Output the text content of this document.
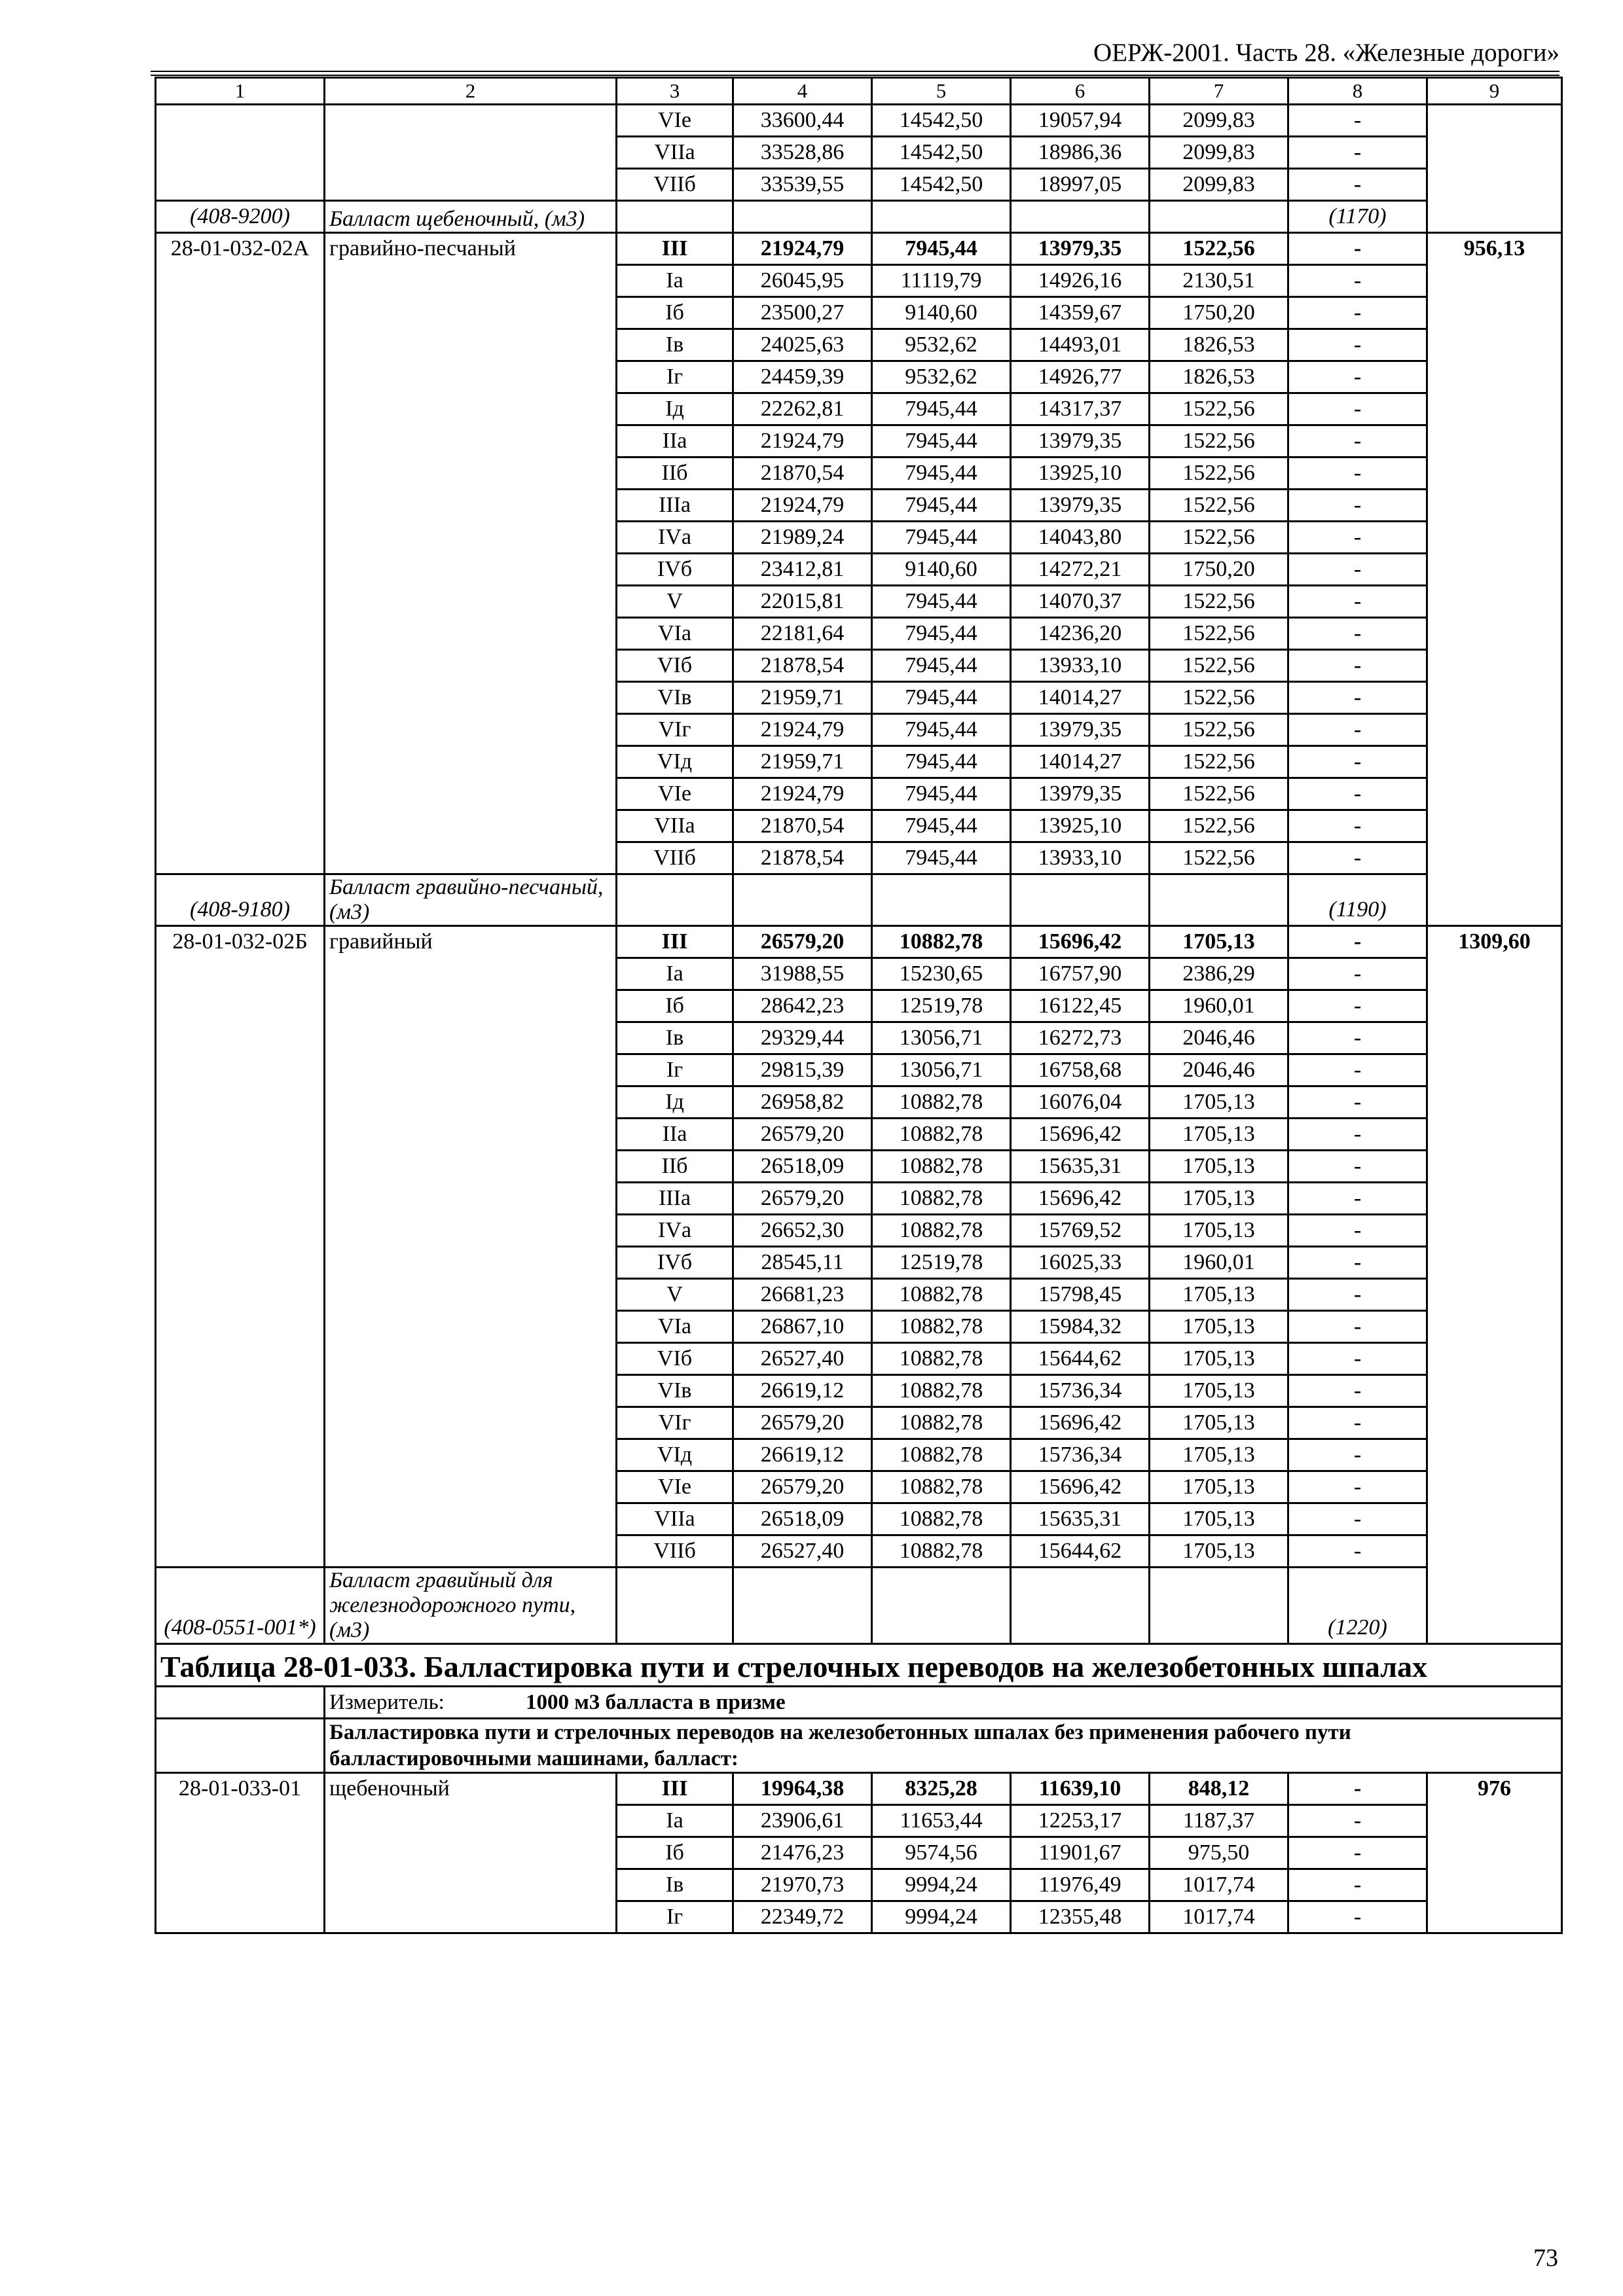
ОЕРЖ-2001. Часть 28. «Железные дороги»
1	2	3	4	5	6	7	8	9
		VIе	33600,44	14542,50	19057,94	2099,83	-	
		VIIа	33528,86	14542,50	18986,36	2099,83	-	
		VIIб	33539,55	14542,50	18997,05	2099,83	-	
(408-9200)	Балласт щебеночный, (м3)						(1170)	
28-01-032-02А	гравийно-песчаный	III	21924,79	7945,44	13979,35	1522,56	-	956,13
		Iа	26045,95	11119,79	14926,16	2130,51	-	
		Iб	23500,27	9140,60	14359,67	1750,20	-	
		Iв	24025,63	9532,62	14493,01	1826,53	-	
		Iг	24459,39	9532,62	14926,77	1826,53	-	
		Iд	22262,81	7945,44	14317,37	1522,56	-	
		IIа	21924,79	7945,44	13979,35	1522,56	-	
		IIб	21870,54	7945,44	13925,10	1522,56	-	
		IIIа	21924,79	7945,44	13979,35	1522,56	-	
		IVа	21989,24	7945,44	14043,80	1522,56	-	
		IVб	23412,81	9140,60	14272,21	1750,20	-	
		V	22015,81	7945,44	14070,37	1522,56	-	
		VIа	22181,64	7945,44	14236,20	1522,56	-	
		VIб	21878,54	7945,44	13933,10	1522,56	-	
		VIв	21959,71	7945,44	14014,27	1522,56	-	
		VIг	21924,79	7945,44	13979,35	1522,56	-	
		VIд	21959,71	7945,44	14014,27	1522,56	-	
		VIе	21924,79	7945,44	13979,35	1522,56	-	
		VIIа	21870,54	7945,44	13925,10	1522,56	-	
		VIIб	21878,54	7945,44	13933,10	1522,56	-	
(408-9180)	Балласт гравийно-песчаный, (м3)						(1190)	
28-01-032-02Б	гравийный	III	26579,20	10882,78	15696,42	1705,13	-	1309,60
		Iа	31988,55	15230,65	16757,90	2386,29	-	
		Iб	28642,23	12519,78	16122,45	1960,01	-	
		Iв	29329,44	13056,71	16272,73	2046,46	-	
		Iг	29815,39	13056,71	16758,68	2046,46	-	
		Iд	26958,82	10882,78	16076,04	1705,13	-	
		IIа	26579,20	10882,78	15696,42	1705,13	-	
		IIб	26518,09	10882,78	15635,31	1705,13	-	
		IIIа	26579,20	10882,78	15696,42	1705,13	-	
		IVа	26652,30	10882,78	15769,52	1705,13	-	
		IVб	28545,11	12519,78	16025,33	1960,01	-	
		V	26681,23	10882,78	15798,45	1705,13	-	
		VIа	26867,10	10882,78	15984,32	1705,13	-	
		VIб	26527,40	10882,78	15644,62	1705,13	-	
		VIв	26619,12	10882,78	15736,34	1705,13	-	
		VIг	26579,20	10882,78	15696,42	1705,13	-	
		VIд	26619,12	10882,78	15736,34	1705,13	-	
		VIе	26579,20	10882,78	15696,42	1705,13	-	
		VIIа	26518,09	10882,78	15635,31	1705,13	-	
		VIIб	26527,40	10882,78	15644,62	1705,13	-	
(408-0551-001*)	Балласт гравийный для железнодорожного пути, (м3)						(1220)	
Таблица 28-01-033. Балластировка пути и стрелочных переводов на железобетонных шпалах								
	Измеритель: 1000 м3 балласта в призме							
	Балластировка пути и стрелочных переводов на железобетонных шпалах без применения рабочего пути балластировочными машинами, балласт:							
28-01-033-01	щебеночный	III	19964,38	8325,28	11639,10	848,12	-	976
		Iа	23906,61	11653,44	12253,17	1187,37	-	
		Iб	21476,23	9574,56	11901,67	975,50	-	
		Iв	21970,73	9994,24	11976,49	1017,74	-	
		Iг	22349,72	9994,24	12355,48	1017,74	-	
73
